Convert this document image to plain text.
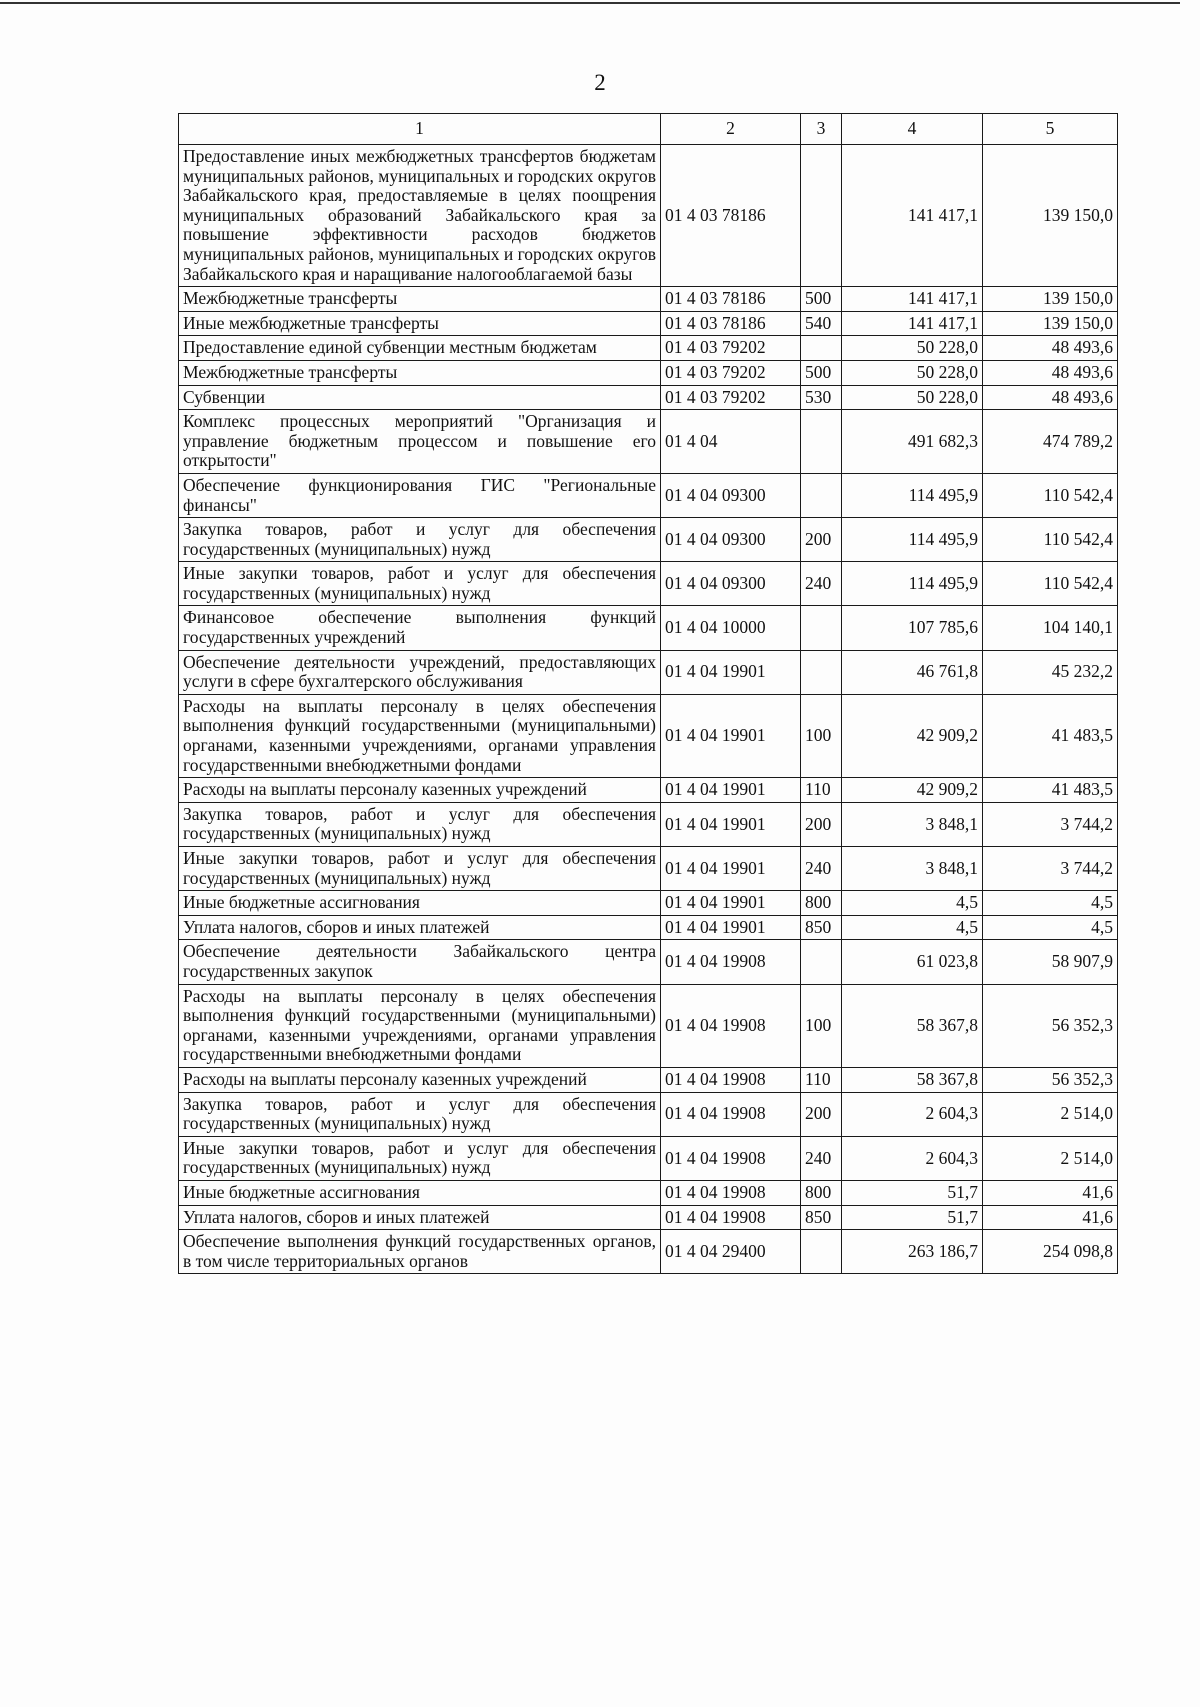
2
1	2	3	4	5
Предоставление иных межбюджетных трансфертов бюджетам муниципальных районов, муниципальных и городских округов Забайкальского края, предоставляемые в целях поощрения муниципальных образований Забайкальского края за повышение эффективности расходов бюджетов муниципальных районов, муниципальных и городских округов Забайкальского края и наращивание налогооблагаемой базы	01 4 03 78186		141 417,1	139 150,0
Межбюджетные трансферты	01 4 03 78186	500	141 417,1	139 150,0
Иные межбюджетные трансферты	01 4 03 78186	540	141 417,1	139 150,0
Предоставление единой субвенции местным бюджетам	01 4 03 79202		50 228,0	48 493,6
Межбюджетные трансферты	01 4 03 79202	500	50 228,0	48 493,6
Субвенции	01 4 03 79202	530	50 228,0	48 493,6
Комплекс процессных мероприятий "Организация и управление бюджетным процессом и повышение его открытости"	01 4 04		491 682,3	474 789,2
Обеспечение функционирования ГИС "Региональные финансы"	01 4 04 09300		114 495,9	110 542,4
Закупка товаров, работ и услуг для обеспечения государственных (муниципальных) нужд	01 4 04 09300	200	114 495,9	110 542,4
Иные закупки товаров, работ и услуг для обеспечения государственных (муниципальных) нужд	01 4 04 09300	240	114 495,9	110 542,4
Финансовое обеспечение выполнения функций государственных учреждений	01 4 04 10000		107 785,6	104 140,1
Обеспечение деятельности учреждений, предоставляющих услуги в сфере бухгалтерского обслуживания	01 4 04 19901		46 761,8	45 232,2
Расходы на выплаты персоналу в целях обеспечения выполнения функций государственными (муниципальными) органами, казенными учреждениями, органами управления государственными внебюджетными фондами	01 4 04 19901	100	42 909,2	41 483,5
Расходы на выплаты персоналу казенных учреждений	01 4 04 19901	110	42 909,2	41 483,5
Закупка товаров, работ и услуг для обеспечения государственных (муниципальных) нужд	01 4 04 19901	200	3 848,1	3 744,2
Иные закупки товаров, работ и услуг для обеспечения государственных (муниципальных) нужд	01 4 04 19901	240	3 848,1	3 744,2
Иные бюджетные ассигнования	01 4 04 19901	800	4,5	4,5
Уплата налогов, сборов и иных платежей	01 4 04 19901	850	4,5	4,5
Обеспечение деятельности Забайкальского центра государственных закупок	01 4 04 19908		61 023,8	58 907,9
Расходы на выплаты персоналу в целях обеспечения выполнения функций государственными (муниципальными) органами, казенными учреждениями, органами управления государственными внебюджетными фондами	01 4 04 19908	100	58 367,8	56 352,3
Расходы на выплаты персоналу казенных учреждений	01 4 04 19908	110	58 367,8	56 352,3
Закупка товаров, работ и услуг для обеспечения государственных (муниципальных) нужд	01 4 04 19908	200	2 604,3	2 514,0
Иные закупки товаров, работ и услуг для обеспечения государственных (муниципальных) нужд	01 4 04 19908	240	2 604,3	2 514,0
Иные бюджетные ассигнования	01 4 04 19908	800	51,7	41,6
Уплата налогов, сборов и иных платежей	01 4 04 19908	850	51,7	41,6
Обеспечение выполнения функций государственных органов, в том числе территориальных органов	01 4 04 29400		263 186,7	254 098,8
